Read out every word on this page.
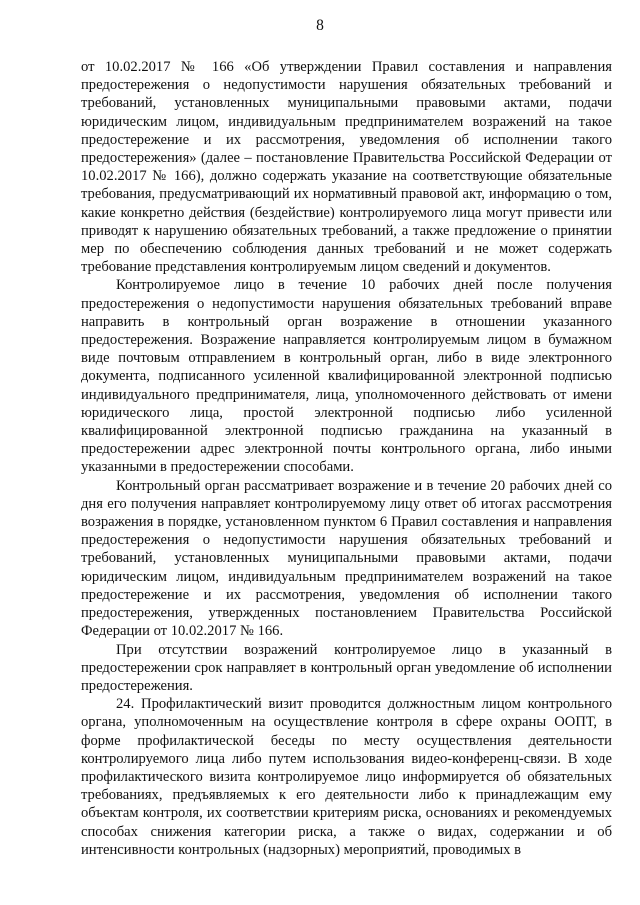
8

от 10.02.2017 № 166 «Об утверждении Правил составления и направления предостережения о недопустимости нарушения обязательных требований и требований, установленных муниципальными правовыми актами, подачи юридическим лицом, индивидуальным предпринимателем возражений на такое предостережение и их рассмотрения, уведомления об исполнении такого предостережения» (далее – постановление Правительства Российской Федерации от 10.02.2017 № 166), должно содержать указание на соответствующие обязательные требования, предусматривающий их нормативный правовой акт, информацию о том, какие конкретно действия (бездействие) контролируемого лица могут привести или приводят к нарушению обязательных требований, а также предложение о принятии мер по обеспечению соблюдения данных требований и не может содержать требование представления контролируемым лицом сведений и документов.

Контролируемое лицо в течение 10 рабочих дней после получения предостережения о недопустимости нарушения обязательных требований вправе направить в контрольный орган возражение в отношении указанного предостережения. Возражение направляется контролируемым лицом в бумажном виде почтовым отправлением в контрольный орган, либо в виде электронного документа, подписанного усиленной квалифицированной электронной подписью индивидуального предпринимателя, лица, уполномоченного действовать от имени юридического лица, простой электронной подписью либо усиленной квалифицированной электронной подписью гражданина на указанный в предостережении адрес электронной почты контрольного органа, либо иными указанными в предостережении способами.

Контрольный орган рассматривает возражение и в течение 20 рабочих дней со дня его получения направляет контролируемому лицу ответ об итогах рассмотрения возражения в порядке, установленном пунктом 6 Правил составления и направления предостережения о недопустимости нарушения обязательных требований и требований, установленных муниципальными правовыми актами, подачи юридическим лицом, индивидуальным предпринимателем возражений на такое предостережение и их рассмотрения, уведомления об исполнении такого предостережения, утвержденных постановлением Правительства Российской Федерации от 10.02.2017 № 166.

При отсутствии возражений контролируемое лицо в указанный в предостережении срок направляет в контрольный орган уведомление об исполнении предостережения.

24. Профилактический визит проводится должностным лицом контрольного органа, уполномоченным на осуществление контроля в сфере охраны ООПТ, в форме профилактической беседы по месту осуществления деятельности контролируемого лица либо путем использования видео-конференц-связи. В ходе профилактического визита контролируемое лицо информируется об обязательных требованиях, предъявляемых к его деятельности либо к принадлежащим ему объектам контроля, их соответствии критериям риска, основаниях и рекомендуемых способах снижения категории риска, а также о видах, содержании и об интенсивности контрольных (надзорных) мероприятий, проводимых в
